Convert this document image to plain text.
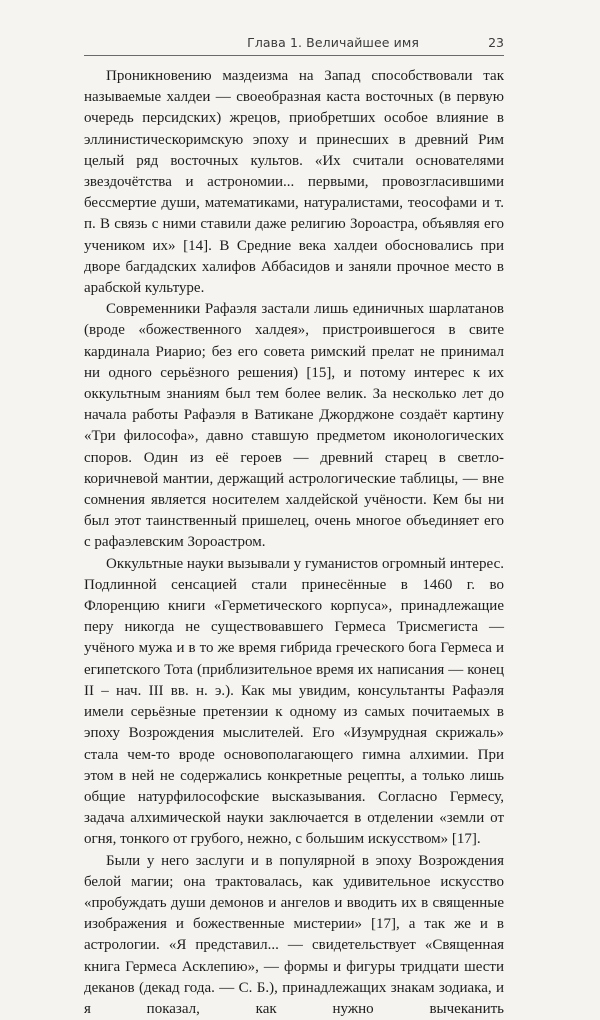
Глава 1. Величайшее имя	23

Проникновению маздеизма на Запад способствовали так называемые халдеи — своеобразная каста восточных (в первую очередь персидских) жрецов, приобретших особое влияние в эллинистическоримскую эпоху и принесших в древний Рим целый ряд восточных культов. «Их считали основателями звездочётства и астрономии... первыми, провозгласившими бессмертие души, математиками, натуралистами, теософами и т. п. В связь с ними ставили даже религию Зороастра, объявляя его учеником их» [14]. В Средние века халдеи обосновались при дворе багдадских халифов Аббасидов и заняли прочное место в арабской культуре.

Современники Рафаэля застали лишь единичных шарлатанов (вроде «божественного халдея», пристроившегося в свите кардинала Риарио; без его совета римский прелат не принимал ни одного серьёзного решения) [15], и потому интерес к их оккультным знаниям был тем более велик. За несколько лет до начала работы Рафаэля в Ватикане Джорджоне создаёт картину «Три философа», давно ставшую предметом иконологических споров. Один из её героев — древний старец в светло-коричневой мантии, держащий астрологические таблицы, — вне сомнения является носителем халдейской учёности. Кем бы ни был этот таинственный пришелец, очень многое объединяет его с рафаэлевским Зороастром.

Оккультные науки вызывали у гуманистов огромный интерес. Подлинной сенсацией стали принесённые в 1460 г. во Флоренцию книги «Герметического корпуса», принадлежащие перу никогда не существовавшего Гермеса Трисмегиста — учёного мужа и в то же время гибрида греческого бога Гермеса и египетского Тота (приблизительное время их написания — конец II – нач. III вв. н. э.). Как мы увидим, консультанты Рафаэля имели серьёзные претензии к одному из самых почитаемых в эпоху Возрождения мыслителей. Его «Изумрудная скрижаль» стала чем-то вроде основополагающего гимна алхимии. При этом в ней не содержались конкретные рецепты, а только лишь общие натурфилософские высказывания. Согласно Гермесу, задача алхимической науки заключается в отделении «земли от огня, тонкого от грубого, нежно, с большим искусством» [17].

Были у него заслуги и в популярной в эпоху Возрождения белой магии; она трактовалась, как удивительное искусство «пробуждать души демонов и ангелов и вводить их в священные изображения и божественные мистерии» [17], а так же и в астрологии. «Я представил... — свидетельствует «Священная книга Гермеса Асклепию», — формы и фигуры тридцати шести деканов (декад года. — С. Б.), принадлежащих знакам зодиака, и я показал, как нужно вычеканить
